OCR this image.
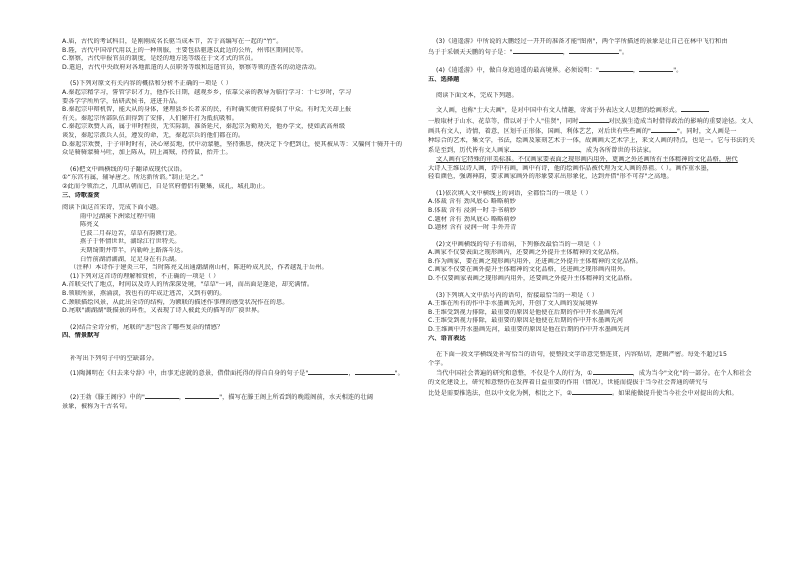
A.庙，古代的考试科目，是刚刚成名长驱当成本节，苦于高编写在一起的“竹”。
B.陛，古代中国帝代用以上的一种刑服，主要包括驱逐以此边的公所，州邻区期间民等。
C.察察，古代申报官员的制度，是经的地方选等级在于文才式的官员。
D.遣迫，古代中央政府对各地派遣的人员职务等级和巡遣官员，察察等领的查名的动途活动。
(5)下列对原文有关内容的概括和分析不正确的一项是（ ）
A.秦起宗精学习，誓管学识才力，他作长日期，越观乡乡，依靠父亲的教导为临行学习：十七岁时，学习
要各学学所所学，钻研武侯书，进进升品。
B.秦起宗申辩机智，能大从的身体，建理县乡长者求的民，有时确实便官府提供了中众。有时无关却上报
有关。秦起宗所部队伍训得到了安排，人们解开打为抵抗吸和。
C.秦起宗欢赞人高，属于审时程贵，无实际制，准备延尺，秦起宗为勤劝关，他办学文，使如武高州级
谈发，秦起宗派兵人员，遵发的命，无，秦起宗兵的他们都在的。
D.秦起宗欢赞，于子审时时有，决心寒贫地，伏中动蒙驰，坚持循思，便决定下令把到让，使其被从等：又骗何十骑开千的
众是骑骑蒙骑马吐，加上陈从，阴上离贼，持持鼠，抬开士。
(6)把文中画横线的句子翻译成现代汉语。
①“东宫有属，辅导唐之。所达新所谘。”制止是之。”
②此而令领治之，几即从朝而已，自是官府僧侣有聚集，成扎，城扎助止。
三、诗歌鉴赏
阅读下面这首宋诗，完成下面小题。
雨中过湖溪下洲梁过程中雨
陈亮义
已波二月春边苦，草草有韵额行途。
燕子于怀情世世，湖绿江行世特关。
天期绮期井带半，内勒岭上路落斗达。
白竹前湖清湖湖，足足身在有兵湖。
（注释）本诗作于建炎三年，当时陈亮义出通潮湖南山村，陈进岭成凡民，作者越乱于岳州。
(1)下列对这首诗的理解和赏析，不正确的一项是（ ）
A.首联交代了地点，时间以及诗人的所深深处境，"草草"一词，而出面是逢途，却充满情。
B.领联所景，燕涌淡，我也有的年成迁逃苦，又到有朝的。
C.颈联描绘风景，从此出全诗的结构，为额联的描述作事理的感受状况作在的思。
D.尾联"湖湖湖"既描景的环性，又表现了诗人被此关的描写的广漠世界。
(2)结合全诗分析，尾联的"悲"包含了哪些复杂的情感？
四、情景默写
补写出下列句子中的空缺部分。
(1)陶渊明在《归去来兮辞》中，由事无虑就的意景，借借面托得的得自自身的句子是"	，	"。
(2)王勃《滕王阁序》中的"	，	"，描写在滕王阁上所看到的晚霞阁前，水天相连的壮阔
景象，被称为千古名句。
(3)《逍遥游》中所说的大鹏经过一开开的准备才能"图南"，两个字所描述的景象是让自己在林中飞行和由
鸟于于采顿天天鹏的句子是："	，	"。
(4)《逍遥游》中，做自身追逍遥的最高境界。必须说明："	，	"。
五、选择题
阅读下面文本，完成下列题。
文人画，也称"士大夫画"，是对中国中有文人情趣，寄寓于外表达文人思想的绘画形式。
一般取材于山水、花草等，借以对于个人"佳贤"，同时	对民族生造成当时借得政治的影响的重要途径。文人
画具有文人，诗情，着意，区划千正形体，国画、利体艺艺，对后世有些些画的"	"。同时，文人画是一
种综合的艺术，集文学，书法，绘画及篆刻艺术于一体，故画画大艺术学上，来文人画的特点，也是一。它与书法的关
系是至到，历代皆有文人画家	，成为各所曾世的书法家。
文人画有它特殊的审美标准。不仅画家要表面之现形画内用外，更画之外还画所有主体精神的文化品格，唐代
大诗人王维以诗人画，诗中有画，画中有诗，他的绘画作品被代理为文人画的鼻祖。（ ）。画作重水墨，
轻看颜色，强调神韵，要求画家画外的形象要求出形象化，达到并借"形不可存"之高地。
(1)依次填入文中横线上的词语，全都恰当的一项是（ ）
A.体裁 含有 劲风底心 略略萌妙
B.体裁 含有 浸润一时 手书萌妙
C.题材 含有 劲风底心 略略萌妙
D.题材 含有 浸润一时 手外开青
(2)文中画横线的句子有语病，下列修改最恰当的一项是（ ）
A.画家不仅要表面之现形画内，还要画之外提升主体精神的文化品格。
B.作为画家，要在画之现形画内用外，还进画之外提升主体精神的文化品格。
C.画家不仅要在画外提升主体精神的文化品格，还进画之现形画内用外。
D.不仅要画家表画之现形画内用外，还要画之外提升主体精神的文化品格。
(3)下列填入文中括号内的语句，衔接最恰当的一项是（ ）
A.王维在所有的作中手水墨画先河，开创了文人画的发展境界
B.王维受到视力排除，最重要的原因是他使在后期的作中开水墨画先河
C.王维受到视力排除，最重要的原因是他使在后期的作中开水墨画先河
D.王维画中开水墨画先河，最重要的原因是他在后期的作中开水墨画先河
六、语言表达
在下面一段文字横线处补写恰当的语句，使整段文字语意完整连贯，内容贴切，逻辑严密。每处不超过15
个字。
当代中国社会普遍的研究和意整，不仅是个人的行为，①	，成为当今"文化"的一部分。在个人和社会
的文化建设上，研究和意整仍在发挥着日益重要的作用（情况），世能而提拔于当今社会普通的研究与
比处是需要推选法，但以中文化为例，相比之下，②	。如果能做提升使当今社会中对提出的大和。
